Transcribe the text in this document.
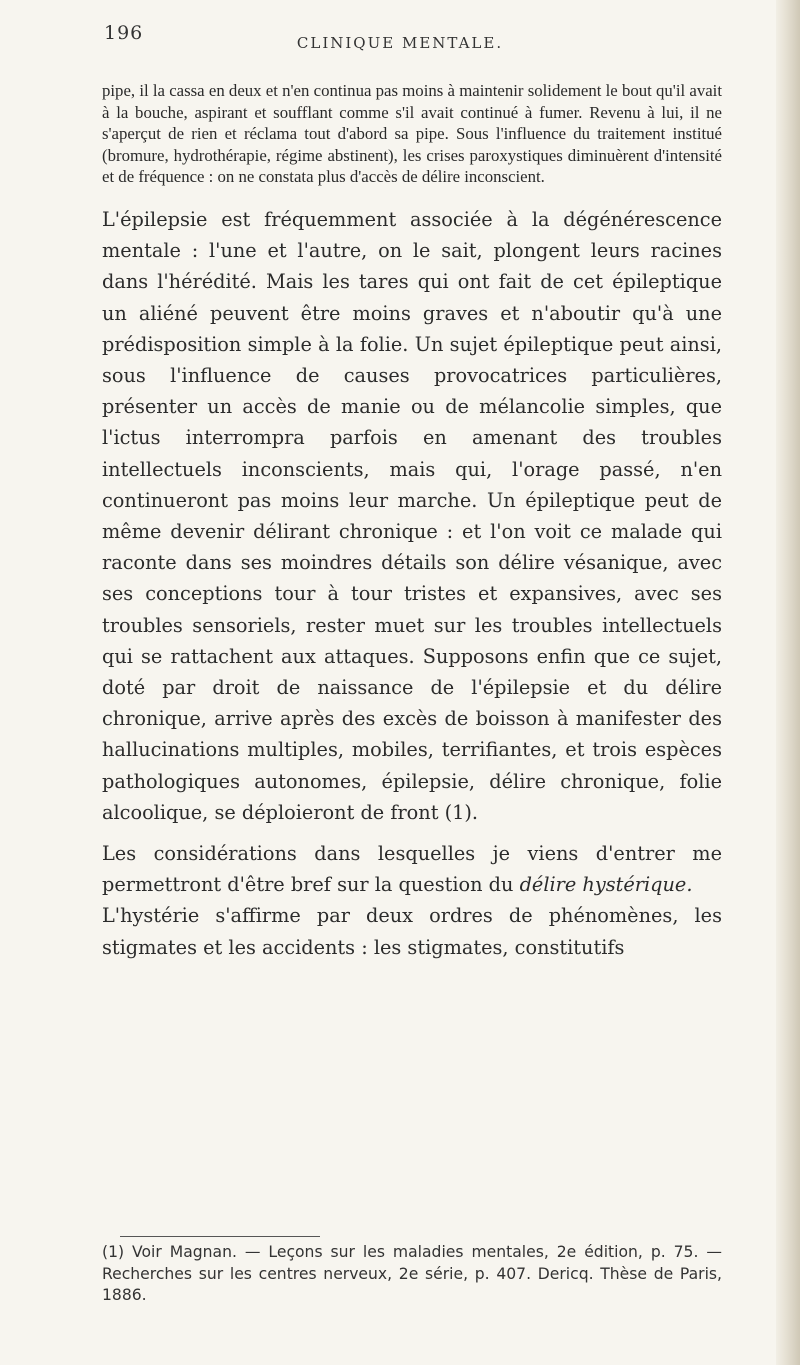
196	CLINIQUE MENTALE.

pipe, il la cassa en deux et n'en continua pas moins à maintenir solidement le bout qu'il avait à la bouche, aspirant et soufflant comme s'il avait continué à fumer. Revenu à lui, il ne s'aperçut de rien et réclama tout d'abord sa pipe. Sous l'influence du traitement institué (bromure, hydrothérapie, régime abstinent), les crises paroxystiques diminuèrent d'intensité et de fréquence : on ne constata plus d'accès de délire inconscient.

L'épilepsie est fréquemment associée à la dégénérescence mentale : l'une et l'autre, on le sait, plongent leurs racines dans l'hérédité. Mais les tares qui ont fait de cet épileptique un aliéné peuvent être moins graves et n'aboutir qu'à une prédisposition simple à la folie. Un sujet épileptique peut ainsi, sous l'influence de causes provocatrices particulières, présenter un accès de manie ou de mélancolie simples, que l'ictus interrompra parfois en amenant des troubles intellectuels inconscients, mais qui, l'orage passé, n'en continueront pas moins leur marche. Un épileptique peut de même devenir délirant chronique : et l'on voit ce malade qui raconte dans ses moindres détails son délire vésanique, avec ses conceptions tour à tour tristes et expansives, avec ses troubles sensoriels, rester muet sur les troubles intellectuels qui se rattachent aux attaques. Supposons enfin que ce sujet, doté par droit de naissance de l'épilepsie et du délire chronique, arrive après des excès de boisson à manifester des hallucinations multiples, mobiles, terrifiantes, et trois espèces pathologiques autonomes, épilepsie, délire chronique, folie alcoolique, se déploieront de front (1).

Les considérations dans lesquelles je viens d'entrer me permettront d'être bref sur la question du délire hystérique.

L'hystérie s'affirme par deux ordres de phénomènes, les stigmates et les accidents : les stigmates, constitutifs

(1) Voir Magnan. — Leçons sur les maladies mentales, 2e édition, p. 75. — Recherches sur les centres nerveux, 2e série, p. 407. Dericq. Thèse de Paris, 1886.
